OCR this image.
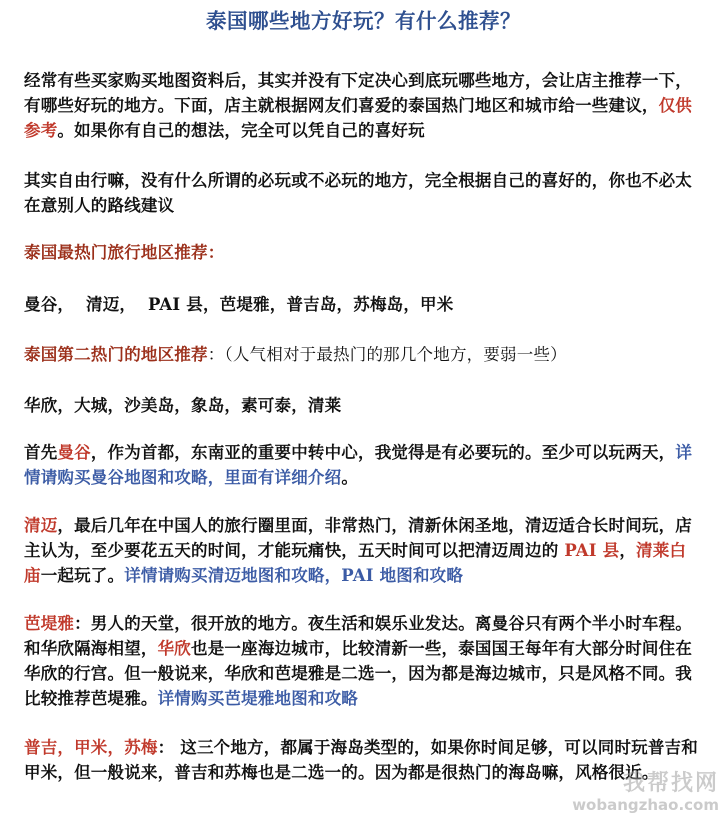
泰国哪些地方好玩？有什么推荐？

经常有些买家购买地图资料后，其实并没有下定决心到底玩哪些地方，会让店主推荐一下，有哪些好玩的地方。下面，店主就根据网友们喜爱的泰国热门地区和城市给一些建议，仅供参考。如果你有自己的想法，完全可以凭自己的喜好玩

其实自由行嘛，没有什么所谓的必玩或不必玩的地方，完全根据自己的喜好的，你也不必太在意别人的路线建议

泰国最热门旅行地区推荐：

曼谷，  清迈，  PAI 县，芭堤雅，普吉岛，苏梅岛，甲米

泰国第二热门的地区推荐：（人气相对于最热门的那几个地方，要弱一些）

华欣，大城，沙美岛，象岛，素可泰，清莱

首先曼谷，作为首都，东南亚的重要中转中心，我觉得是有必要玩的。至少可以玩两天，详情请购买曼谷地图和攻略，里面有详细介绍。

清迈，最后几年在中国人的旅行圈里面，非常热门，清新休闲圣地，清迈适合长时间玩，店主认为，至少要花五天的时间，才能玩痛快，五天时间可以把清迈周边的 PAI 县，清莱白庙一起玩了。详情请购买清迈地图和攻略，PAI 地图和攻略

芭堤雅：男人的天堂，很开放的地方。夜生活和娱乐业发达。离曼谷只有两个半小时车程。和华欣隔海相望，华欣也是一座海边城市，比较清新一些，泰国国王每年有大部分时间住在华欣的行宫。但一般说来，华欣和芭堤雅是二选一，因为都是海边城市，只是风格不同。我比较推荐芭堤雅。详情购买芭堤雅地图和攻略

普吉，甲米，苏梅： 这三个地方，都属于海岛类型的，如果你时间足够，可以同时玩普吉和甲米，但一般说来，普吉和苏梅也是二选一的。因为都是很热门的海岛嘛，风格很近。

我帮找网
wobangzhao.com
